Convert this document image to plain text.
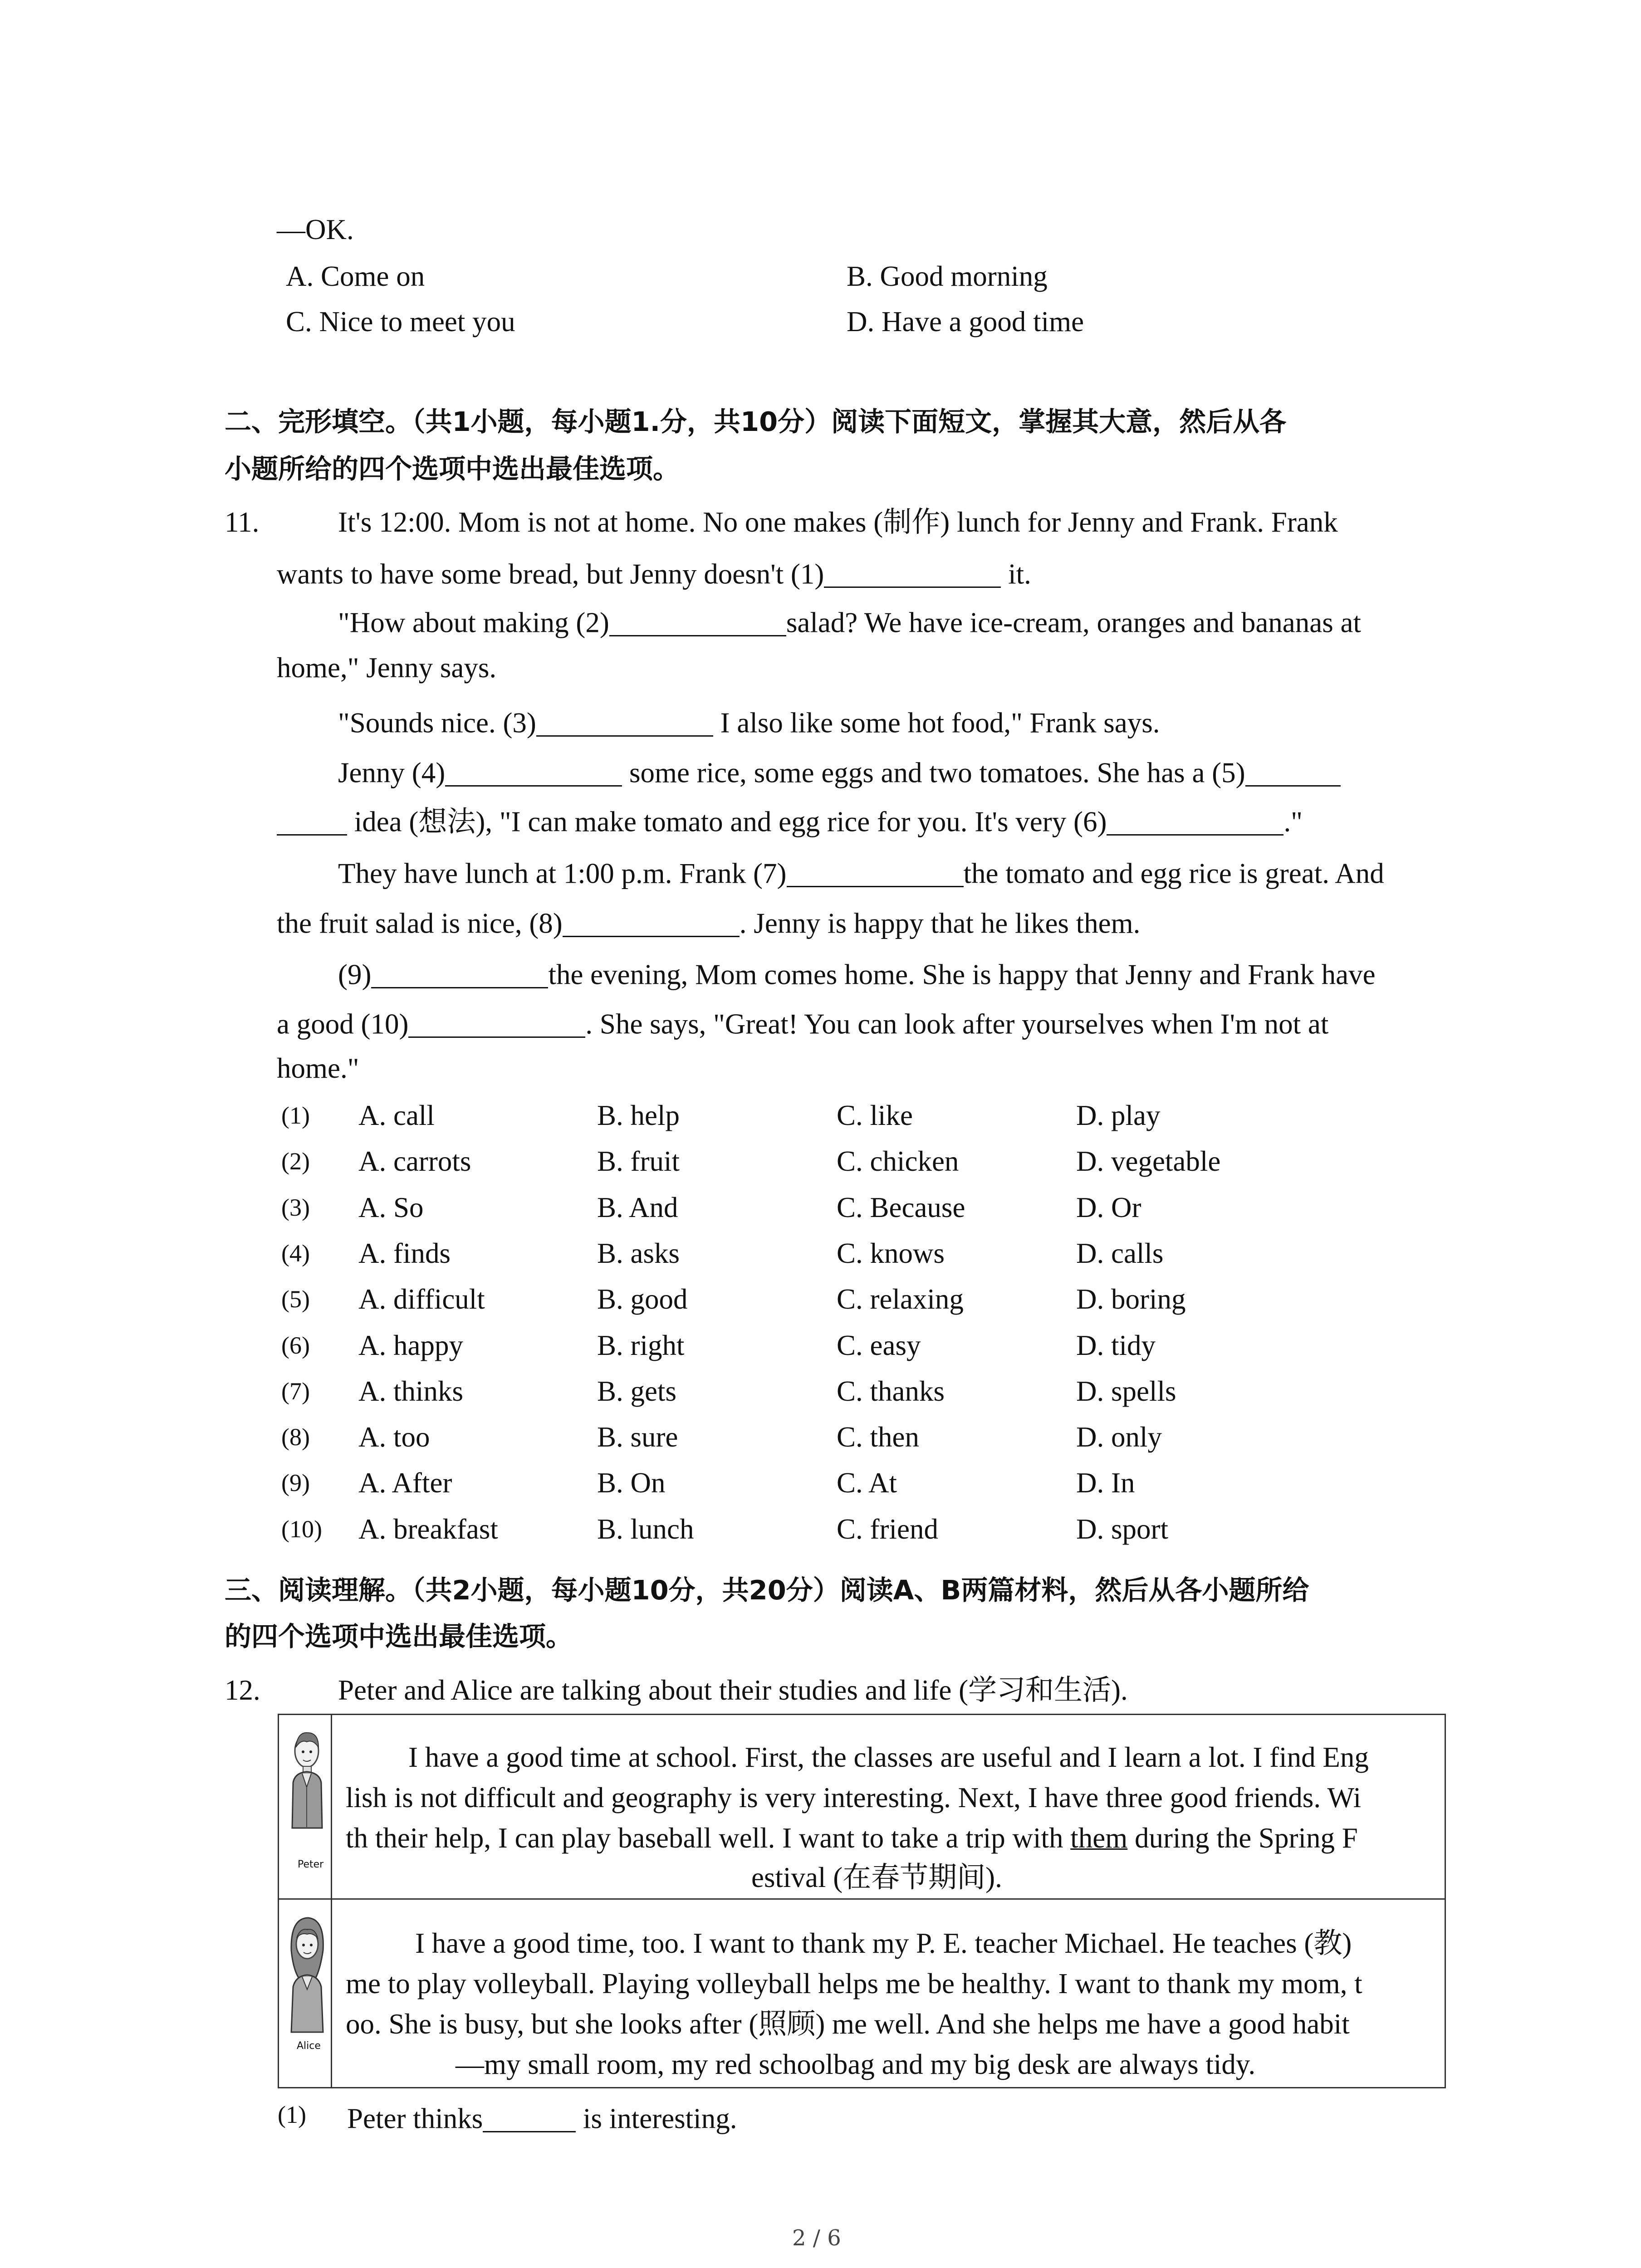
—OK.
A. Come on	B. Good morning
C. Nice to meet you	D. Have a good time
二、完形填空。（共1小题，每小题1.分，共10分）阅读下面短文，掌握其大意，然后从各
小题所给的四个选项中选出最佳选项。
11.	It's 12:00. Mom is not at home. No one makes (制作) lunch for Jenny and Frank. Frank
wants to have some bread, but Jenny doesn't (1)	it.
"How about making (2)	salad? We have ice-cream, oranges and bananas at
home," Jenny says.
"Sounds nice. (3)	I also like some hot food," Frank says.
Jenny (4)	some rice, some eggs and two tomatoes. She has a (5)
idea (想法), "I can make tomato and egg rice for you. It's very (6)	."
They have lunch at 1:00 p.m. Frank (7)	the tomato and egg rice is great. And
the fruit salad is nice, (8)	. Jenny is happy that he likes them.
(9)	the evening, Mom comes home. She is happy that Jenny and Frank have
a good (10)	. She says, "Great! You can look after yourselves when I'm not at
home."
(1) A. call	B. help	C. like	D. play
(2) A. carrots	B. fruit	C. chicken	D. vegetable
(3) A. So	B. And	C. Because	D. Or
(4) A. finds	B. asks	C. knows	D. calls
(5) A. difficult	B. good	C. relaxing	D. boring
(6) A. happy	B. right	C. easy	D. tidy
(7) A. thinks	B. gets	C. thanks	D. spells
(8) A. too	B. sure	C. then	D. only
(9) A. After	B. On	C. At	D. In
(10) A. breakfast	B. lunch	C. friend	D. sport
三、阅读理解。（共2小题，每小题10分，共20分）阅读A、B两篇材料，然后从各小题所给
的四个选项中选出最佳选项。
12.	Peter and Alice are talking about their studies and life (学习和生活).
Peter
I have a good time at school. First, the classes are useful and I learn a lot. I find Eng
lish is not difficult and geography is very interesting. Next, I have three good friends. Wi
th their help, I can play baseball well. I want to take a trip with them during the Spring F
estival (在春节期间).
Alice
I have a good time, too. I want to thank my P. E. teacher Michael. He teaches (教)
me to play volleyball. Playing volleyball helps me be healthy. I want to thank my mom, t
oo. She is busy, but she looks after (照顾) me well. And she helps me have a good habit
—my small room, my red schoolbag and my big desk are always tidy.
(1) Peter thinks	is interesting.
2 / 6
